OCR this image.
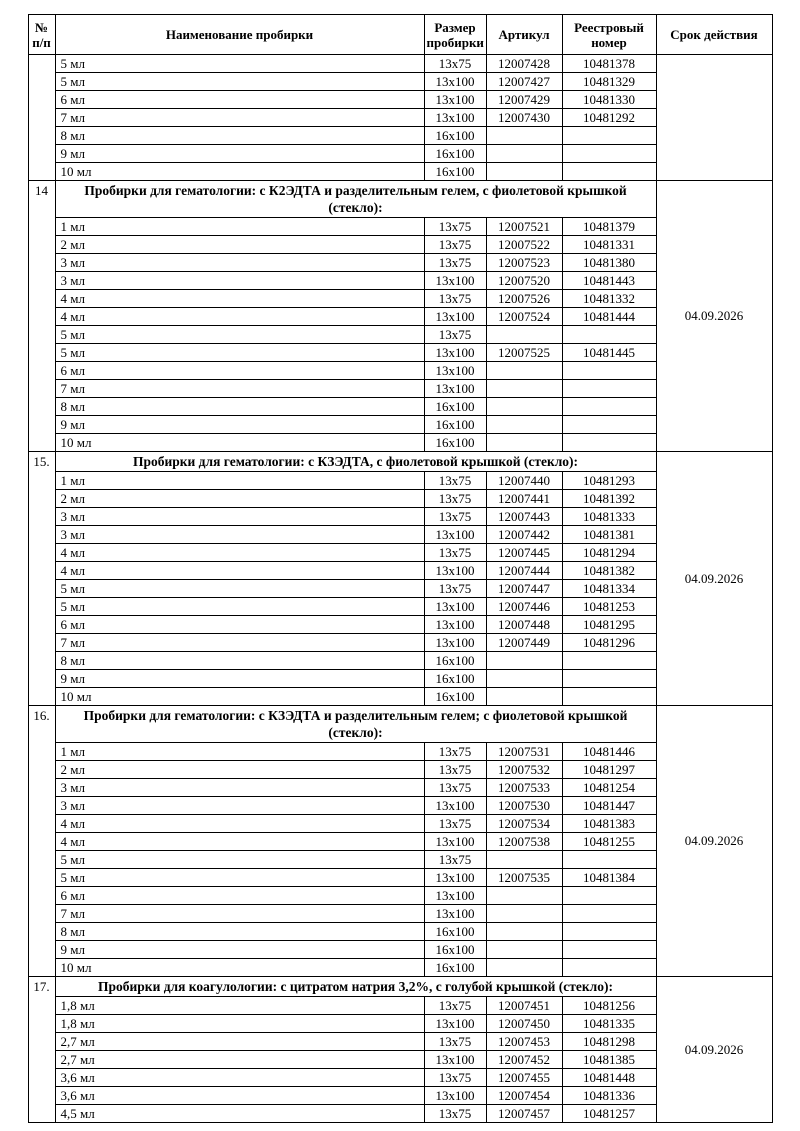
№ п/п	Наименование пробирки	Размер пробирки	Артикул	Реестровый номер	Срок действия
	5 мл	13x75	12007428	10481378	
	5 мл	13x100	12007427	10481329	
	6 мл	13x100	12007429	10481330	
	7 мл	13x100	12007430	10481292	
	8 мл	16x100			
	9 мл	16x100			
	10 мл	16x100			
14	Пробирки для гематологии: с К2ЭДТА и разделительным гелем, с фиолетовой крышкой (стекло):				04.09.2026
	1 мл	13x75	12007521	10481379	
	2 мл	13x75	12007522	10481331	
	3 мл	13x75	12007523	10481380	
	3 мл	13x100	12007520	10481443	
	4 мл	13x75	12007526	10481332	
	4 мл	13x100	12007524	10481444	
	5 мл	13x75			
	5 мл	13x100	12007525	10481445	
	6 мл	13x100			
	7 мл	13x100			
	8 мл	16x100			
	9 мл	16x100			
	10 мл	16x100			
15.	Пробирки для гематологии: с КЗЭДТА, с фиолетовой крышкой (стекло):				04.09.2026
	1 мл	13x75	12007440	10481293	
	2 мл	13x75	12007441	10481392	
	3 мл	13x75	12007443	10481333	
	3 мл	13x100	12007442	10481381	
	4 мл	13x75	12007445	10481294	
	4 мл	13x100	12007444	10481382	
	5 мл	13x75	12007447	10481334	
	5 мл	13x100	12007446	10481253	
	6 мл	13x100	12007448	10481295	
	7 мл	13x100	12007449	10481296	
	8 мл	16x100			
	9 мл	16x100			
	10 мл	16x100			
16.	Пробирки для гематологии: с КЗЭДТА и разделительным гелем; с фиолетовой крышкой (стекло):				04.09.2026
	1 мл	13x75	12007531	10481446	
	2 мл	13x75	12007532	10481297	
	3 мл	13x75	12007533	10481254	
	3 мл	13x100	12007530	10481447	
	4 мл	13x75	12007534	10481383	
	4 мл	13x100	12007538	10481255	
	5 мл	13x75			
	5 мл	13x100	12007535	10481384	
	6 мл	13x100			
	7 мл	13x100			
	8 мл	16x100			
	9 мл	16x100			
	10 мл	16x100			
17.	Пробирки для коагулологии: с цитратом натрия 3,2%, с голубой крышкой (стекло):				04.09.2026
	1,8 мл	13x75	12007451	10481256	
	1,8 мл	13x100	12007450	10481335	
	2,7 мл	13x75	12007453	10481298	
	2,7 мл	13x100	12007452	10481385	
	3,6 мл	13x75	12007455	10481448	
	3,6 мл	13x100	12007454	10481336	
	4,5 мл	13x75	12007457	10481257	
